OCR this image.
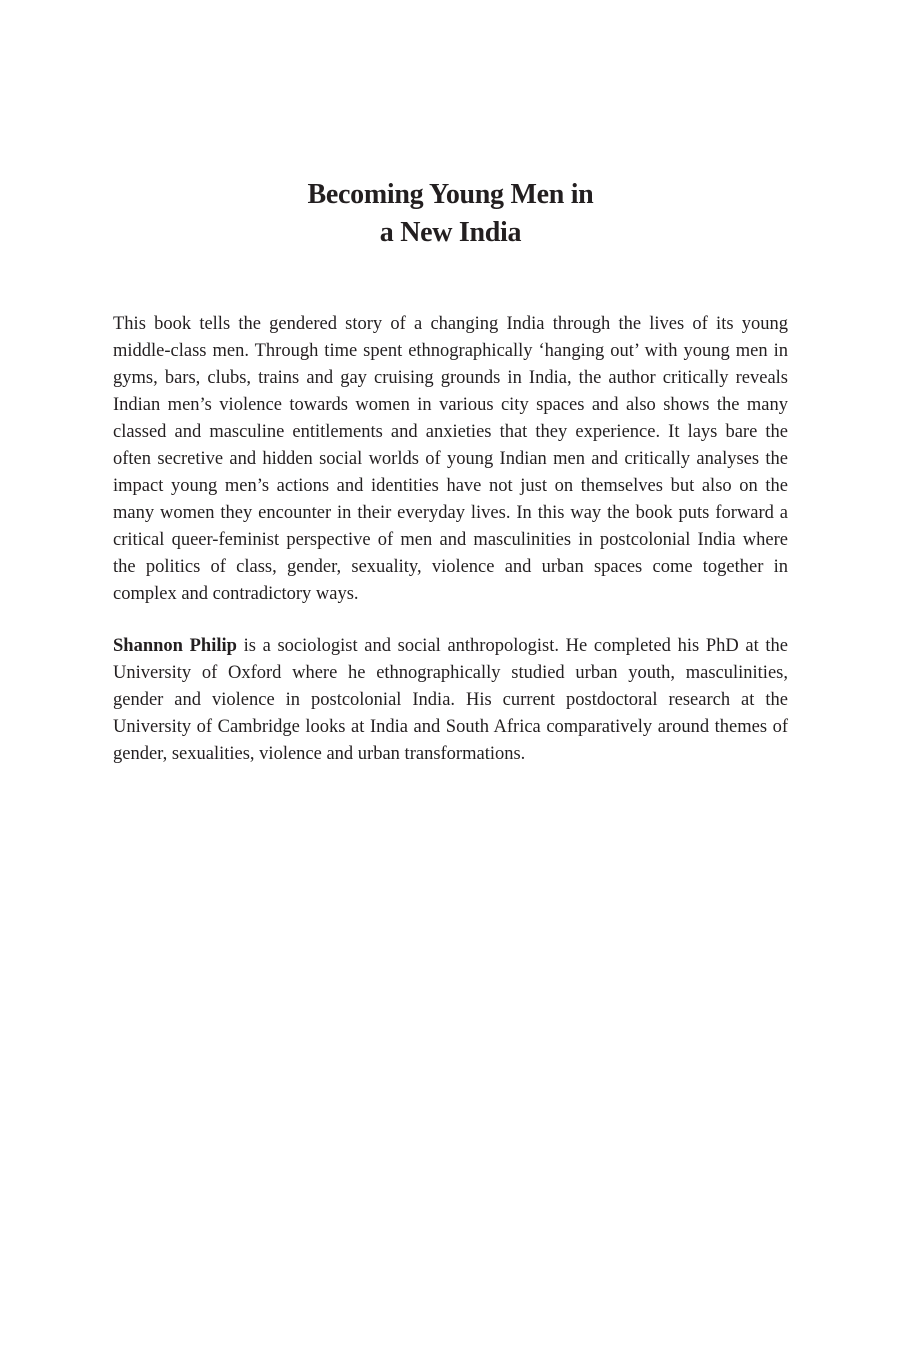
Becoming Young Men in
a New India

This book tells the gendered story of a changing India through the lives of its young middle-class men. Through time spent ethnographically ‘hanging out’ with young men in gyms, bars, clubs, trains and gay cruising grounds in India, the author critically reveals Indian men’s violence towards women in various city spaces and also shows the many classed and masculine entitlements and anxieties that they experience. It lays bare the often secretive and hidden social worlds of young Indian men and critically analyses the impact young men’s actions and identities have not just on themselves but also on the many women they encounter in their everyday lives. In this way the book puts forward a critical queer-feminist perspective of men and masculinities in postcolonial India where the politics of class, gender, sexuality, violence and urban spaces come together in complex and contradictory ways.

Shannon Philip is a sociologist and social anthropologist. He completed his PhD at the University of Oxford where he ethnographically studied urban youth, masculinities, gender and violence in postcolonial India. His current postdoctoral research at the University of Cambridge looks at India and South Africa comparatively around themes of gender, sexualities, violence and urban transformations.
